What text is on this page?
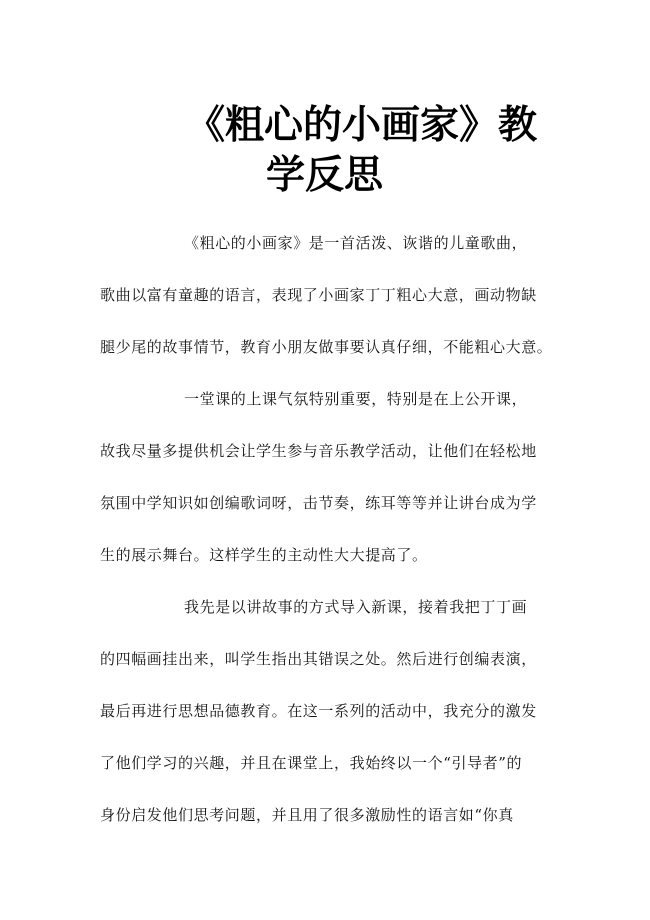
《粗心的小画家》教
学反思
《粗心的小画家》是一首活泼、诙谐的儿童歌曲，
歌曲以富有童趣的语言，表现了小画家丁丁粗心大意，画动物缺
腿少尾的故事情节，教育小朋友做事要认真仔细，不能粗心大意。
一堂课的上课气氛特别重要，特别是在上公开课，
故我尽量多提供机会让学生参与音乐教学活动，让他们在轻松地
氛围中学知识如创编歌词呀，击节奏，练耳等等并让讲台成为学
生的展示舞台。这样学生的主动性大大提高了。
我先是以讲故事的方式导入新课，接着我把丁丁画
的四幅画挂出来，叫学生指出其错误之处。然后进行创编表演，
最后再进行思想品德教育。在这一系列的活动中，我充分的激发
了他们学习的兴趣，并且在课堂上，我始终以一个“引导者”的
身份启发他们思考问题，并且用了很多激励性的语言如“你真
